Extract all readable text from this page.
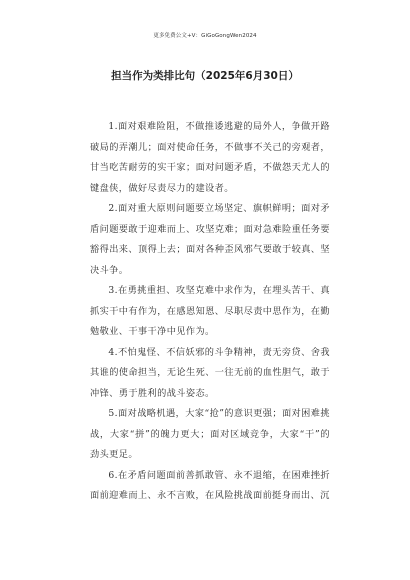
更多免费公文+V：GiGoGongWen2024
担当作为类排比句（2025年6月30日）

1.面对艰难险阻，不做推诿逃避的局外人，争做开路破局的弄潮儿；面对使命任务，不做事不关己的旁观者，甘当吃苦耐劳的实干家；面对问题矛盾，不做怨天尤人的键盘侠，做好尽责尽力的建设者。

2.面对重大原则问题要立场坚定、旗帜鲜明；面对矛盾问题要敢于迎难而上、攻坚克难；面对急难险重任务要豁得出来、顶得上去；面对各种歪风邪气要敢于较真、坚决斗争。

3.在勇挑重担、攻坚克难中求作为，在埋头苦干、真抓实干中有作为，在感恩知恩、尽职尽责中思作为，在勤勉敬业、干事干净中见作为。

4.不怕鬼怪、不信妖邪的斗争精神，责无旁贷、舍我其谁的使命担当，无论生死、一往无前的血性胆气，敢于冲锋、勇于胜利的战斗姿态。

5.面对战略机遇，大家“抢”的意识更强；面对困难挑战，大家“拼”的魄力更大；面对区域竞争，大家“干”的劲头更足。

6.在矛盾问题面前善抓敢管、永不退缩，在困难挫折面前迎难而上、永不言败，在风险挑战面前挺身而出、沉
